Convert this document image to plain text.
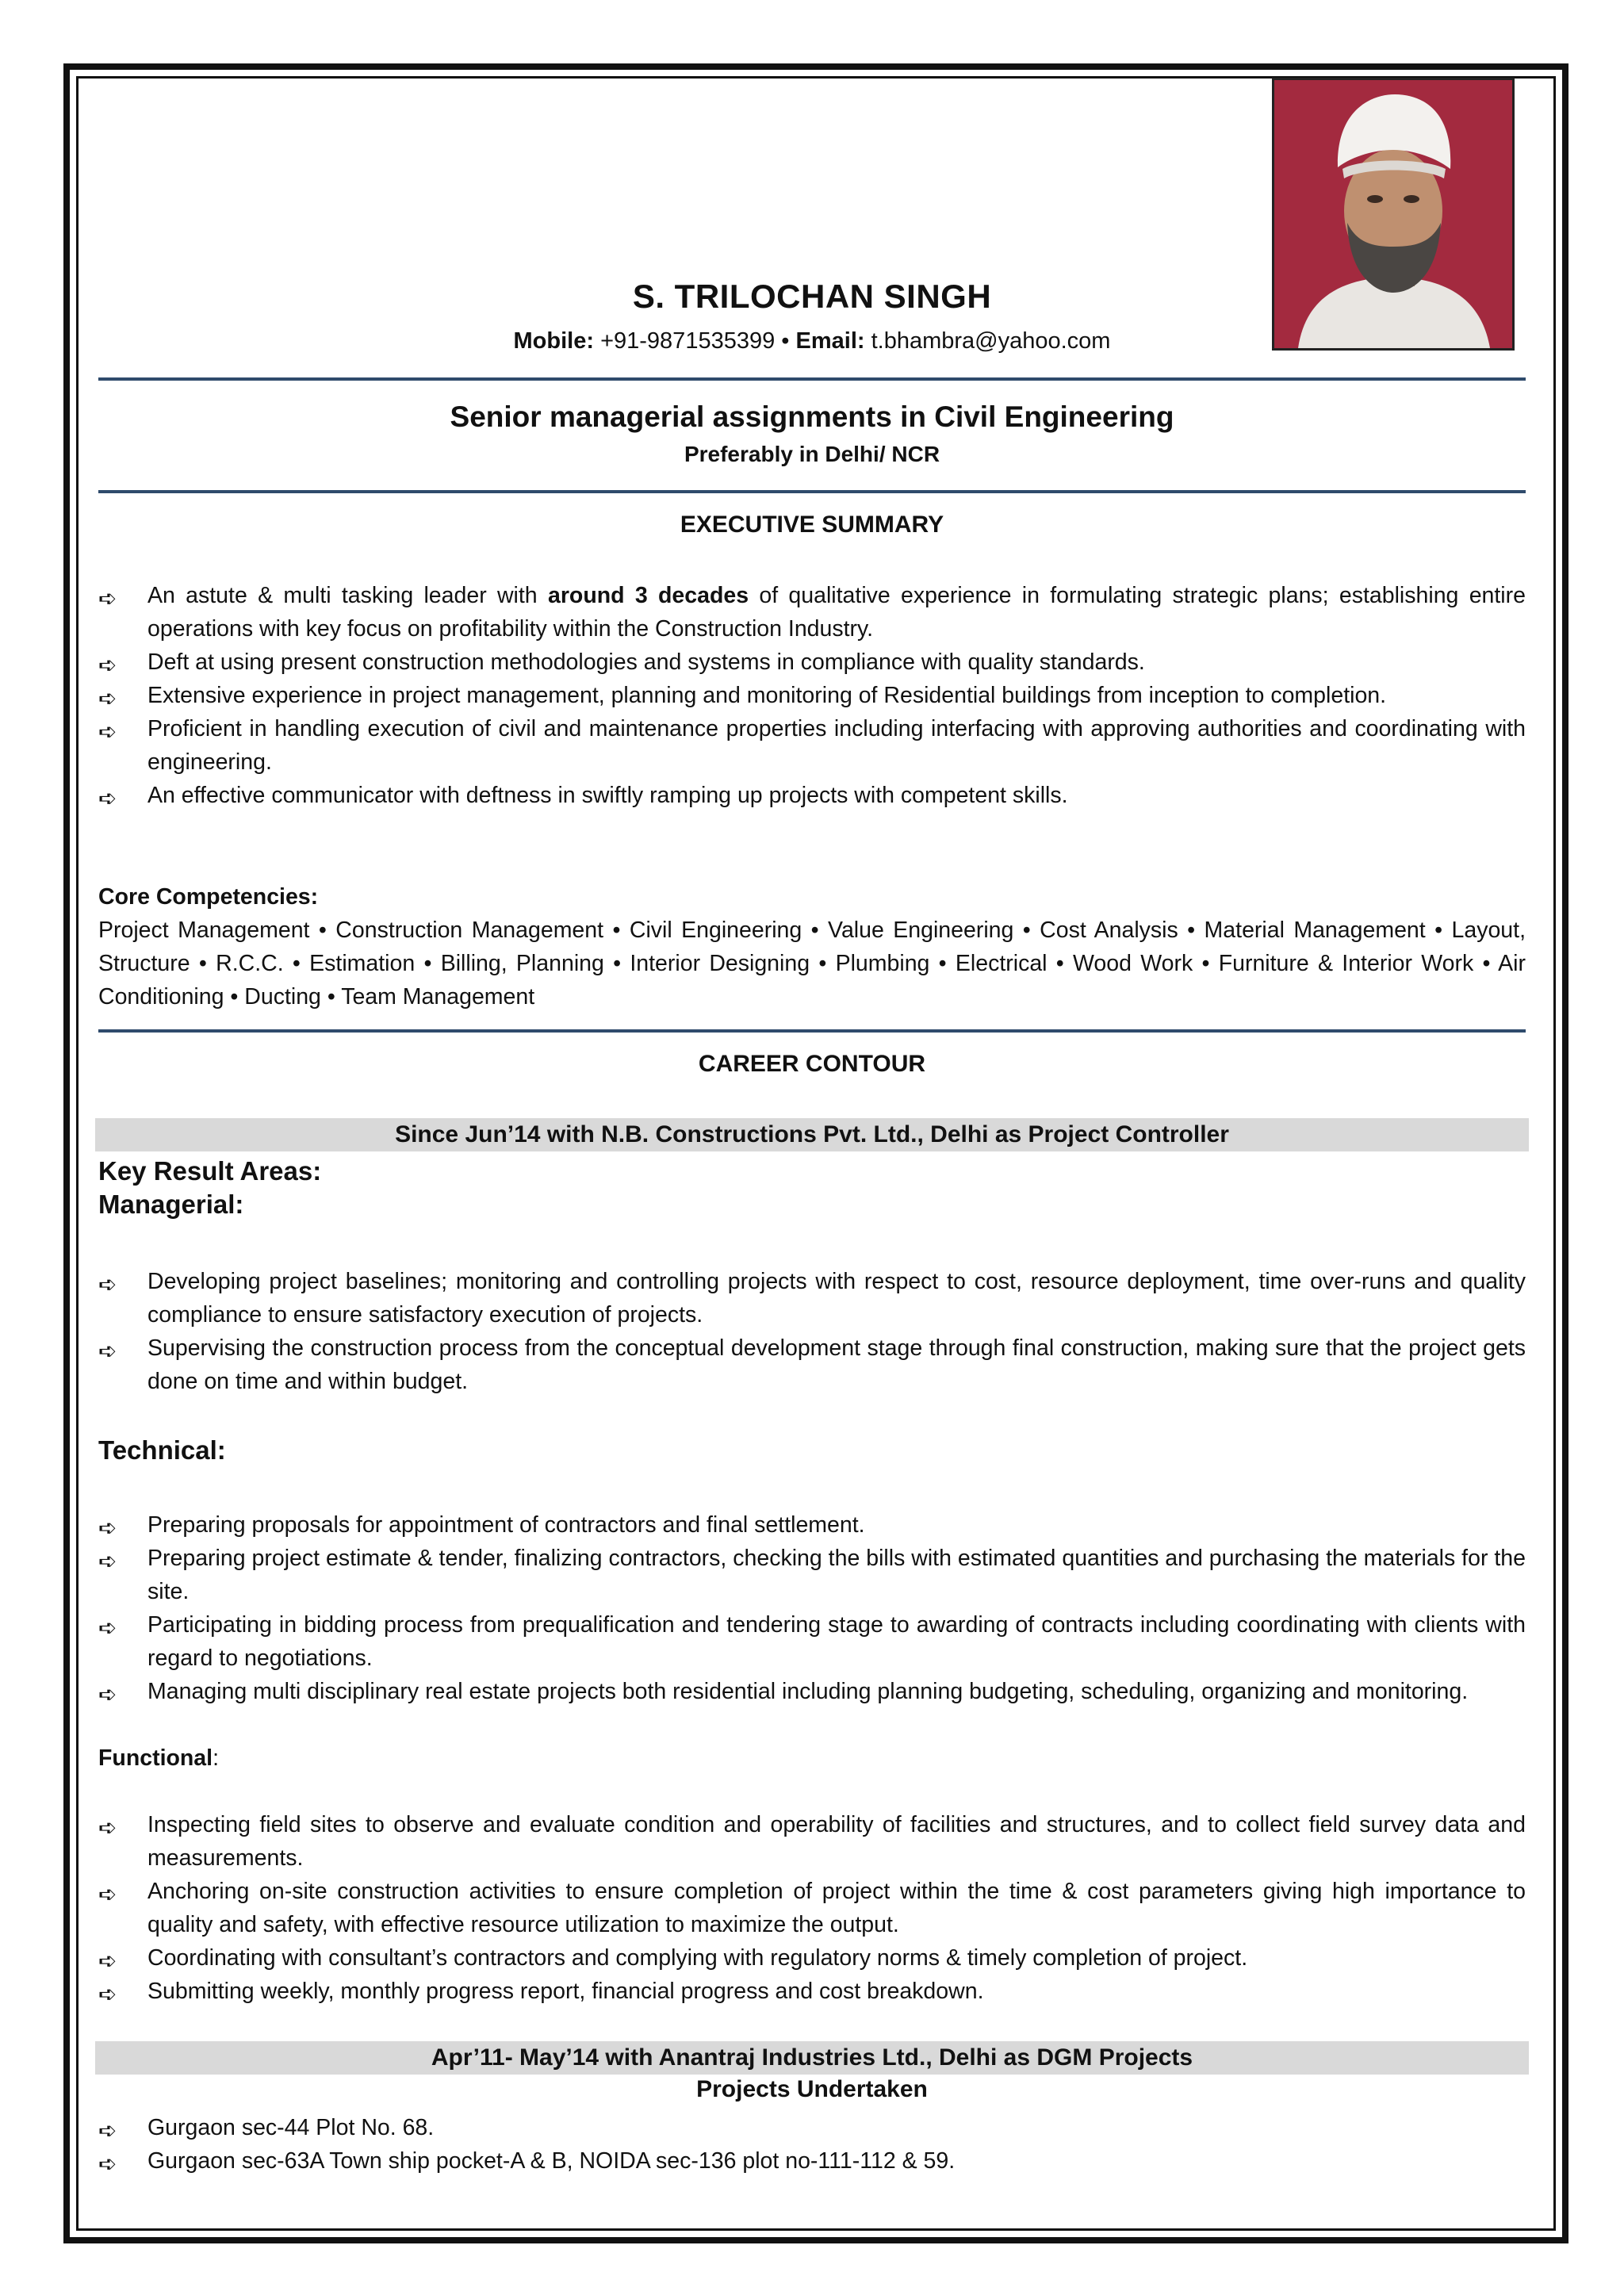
S. TRILOCHAN SINGH
Mobile: +91-9871535399 • Email: t.bhambra@yahoo.com
Senior managerial assignments in Civil Engineering
Preferably in Delhi/ NCR
EXECUTIVE SUMMARY
➪ An astute & multi tasking leader with around 3 decades of qualitative experience in formulating strategic plans; establishing entire operations with key focus on profitability within the Construction Industry.
➪ Deft at using present construction methodologies and systems in compliance with quality standards.
➪ Extensive experience in project management, planning and monitoring of Residential buildings from inception to completion.
➪ Proficient in handling execution of civil and maintenance properties including interfacing with approving authorities and coordinating with engineering.
➪ An effective communicator with deftness in swiftly ramping up projects with competent skills.
Core Competencies:
Project Management • Construction Management • Civil Engineering • Value Engineering • Cost Analysis • Material Management • Layout, Structure • R.C.C. • Estimation • Billing, Planning • Interior Designing • Plumbing • Electrical • Wood Work • Furniture & Interior Work • Air Conditioning • Ducting • Team Management
CAREER CONTOUR
Since Jun’14 with N.B. Constructions Pvt. Ltd., Delhi as Project Controller
Key Result Areas:
Managerial:
➪ Developing project baselines; monitoring and controlling projects with respect to cost, resource deployment, time over-runs and quality compliance to ensure satisfactory execution of projects.
➪ Supervising the construction process from the conceptual development stage through final construction, making sure that the project gets done on time and within budget.
Technical:
➪ Preparing proposals for appointment of contractors and final settlement.
➪ Preparing project estimate & tender, finalizing contractors, checking the bills with estimated quantities and purchasing the materials for the site.
➪ Participating in bidding process from prequalification and tendering stage to awarding of contracts including coordinating with clients with regard to negotiations.
➪ Managing multi disciplinary real estate projects both residential including planning budgeting, scheduling, organizing and monitoring.
Functional:
➪ Inspecting field sites to observe and evaluate condition and operability of facilities and structures, and to collect field survey data and measurements.
➪ Anchoring on-site construction activities to ensure completion of project within the time & cost parameters giving high importance to quality and safety, with effective resource utilization to maximize the output.
➪ Coordinating with consultant’s contractors and complying with regulatory norms & timely completion of project.
➪ Submitting weekly, monthly progress report, financial progress and cost breakdown.
Apr’11- May’14 with Anantraj Industries Ltd., Delhi as DGM Projects
Projects Undertaken
➪ Gurgaon sec-44 Plot No. 68.
➪ Gurgaon sec-63A Town ship pocket-A & B, NOIDA sec-136 plot no-111-112 & 59.
